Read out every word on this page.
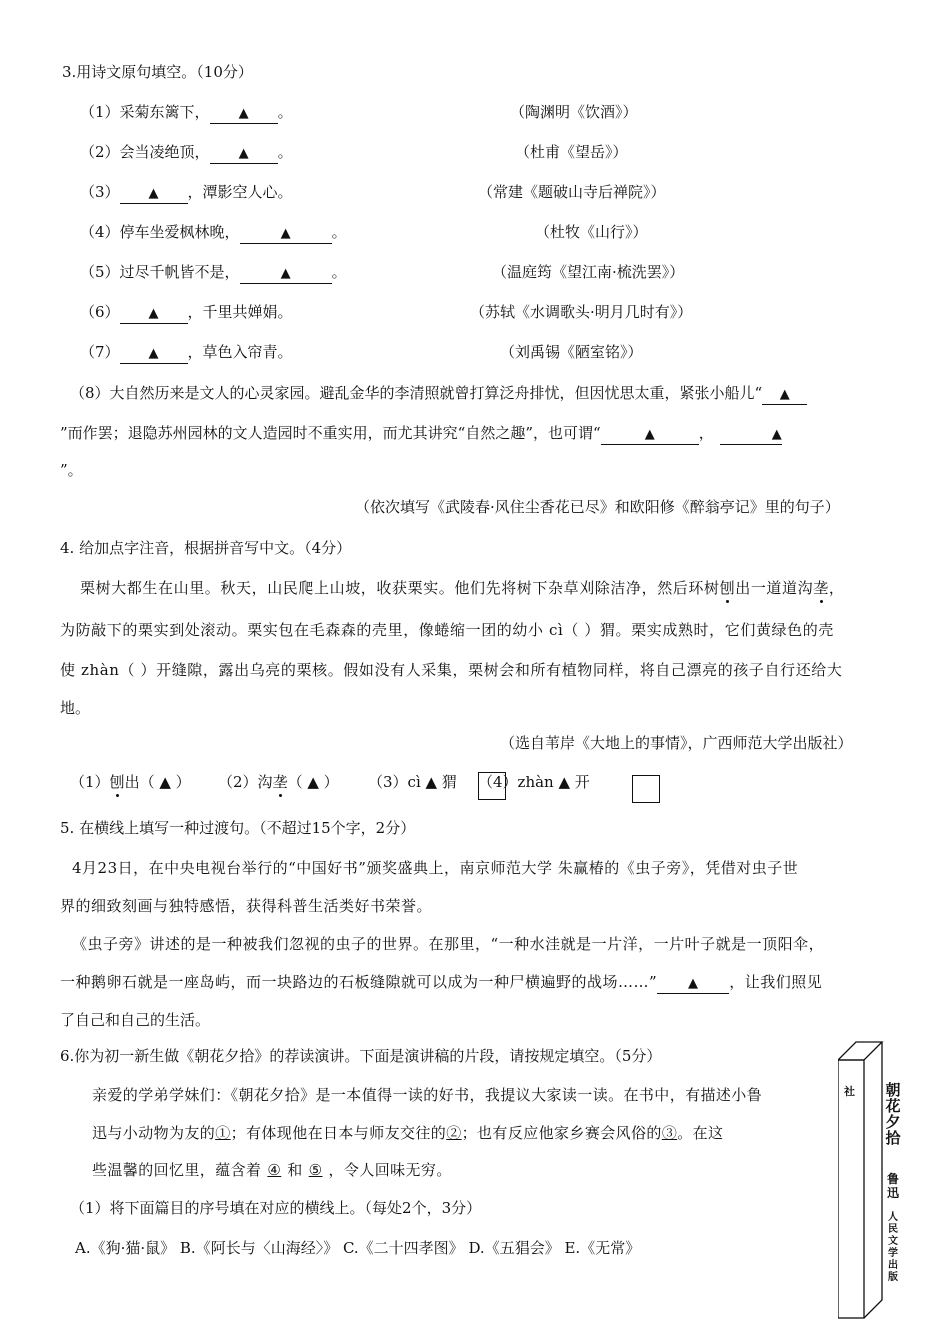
3.用诗文原句填空。（10分）
（1）采菊东篱下， ▲ 。	（陶渊明《饮酒》）
（2）会当凌绝顶， ▲ 。	（杜甫《望岳》）
（3） ▲ ，潭影空人心。	（常建《题破山寺后禅院》）
（4）停车坐爱枫林晚，	▲	。	（杜牧《山行》）
（5）过尽千帆皆不是，	▲	。	（温庭筠《望江南·梳洗罢》）
（6） ▲ ，千里共婵娟。	（苏轼《水调歌头·明月几时有》）
（7） ▲ ，草色入帘青。	（刘禹锡《陋室铭》）
（8）大自然历来是文人的心灵家园。避乱金华的李清照就曾打算泛舟排忧，但因忧思太重，紧张小船儿“ ▲
”而作罢；退隐苏州园林的文人造园时不重实用，而尤其讲究“自然之趣”，也可谓“	▲	，	▲
”。
（依次填写《武陵春·风住尘香花已尽》和欧阳修《醉翁亭记》里的句子）
4. 给加点字注音，根据拼音写中文。（4分）
栗树大都生在山里。秋天，山民爬上山坡，收获栗实。他们先将树下杂草刈除洁净，然后环树刨出一道道沟垄，
为防敲下的栗实到处滚动。栗实包在毛森森的壳里，像蜷缩一团的幼小 cì（ ）猬。栗实成熟时，它们黄绿色的壳
使 zhàn（ ）开缝隙，露出乌亮的栗核。假如没有人采集，栗树会和所有植物同样，将自己漂亮的孩子自行还给大
地。
（选自苇岸《大地上的事情》，广西师范大学出版社）
（1）刨出（ ▲ ） （2）沟垄（ ▲ ） （3）cì ▲ 猬 （4）zhàn ▲ 开
5. 在横线上填写一种过渡句。（不超过15个字，2分）
4月23日，在中央电视台举行的“中国好书”颁奖盛典上，南京师范大学 朱赢椿的《虫子旁》，凭借对虫子世
界的细致刻画与独特感悟，获得科普生活类好书荣誉。
《虫子旁》讲述的是一种被我们忽视的虫子的世界。在那里，“一种水洼就是一片洋，一片叶子就是一顶阳伞，
一种鹅卵石就是一座岛屿，而一块路边的石板缝隙就可以成为一种尸横遍野的战场……” ▲ ，让我们照见
了自己和自己的生活。
6.你为初一新生做《朝花夕拾》的荐读演讲。下面是演讲稿的片段，请按规定填空。（5分）
亲爱的学弟学妹们：《朝花夕拾》是一本值得一读的好书，我提议大家读一读。在书中，有描述小鲁
迅与小动物为友的①；有体现他在日本与师友交往的②；也有反应他家乡赛会风俗的③。在这
些温馨的回忆里，蕴含着 ④ 和 ⑤ ，令人回味无穷。
（1）将下面篇目的序号填在对应的横线上。（每处2个，3分）
A.《狗·猫·鼠》 B.《阿长与〈山海经〉》 C.《二十四孝图》 D.《五猖会》 E.《无常》
社 朝
花
夕
拾
鲁
迅
人
民
文
学
出
版
